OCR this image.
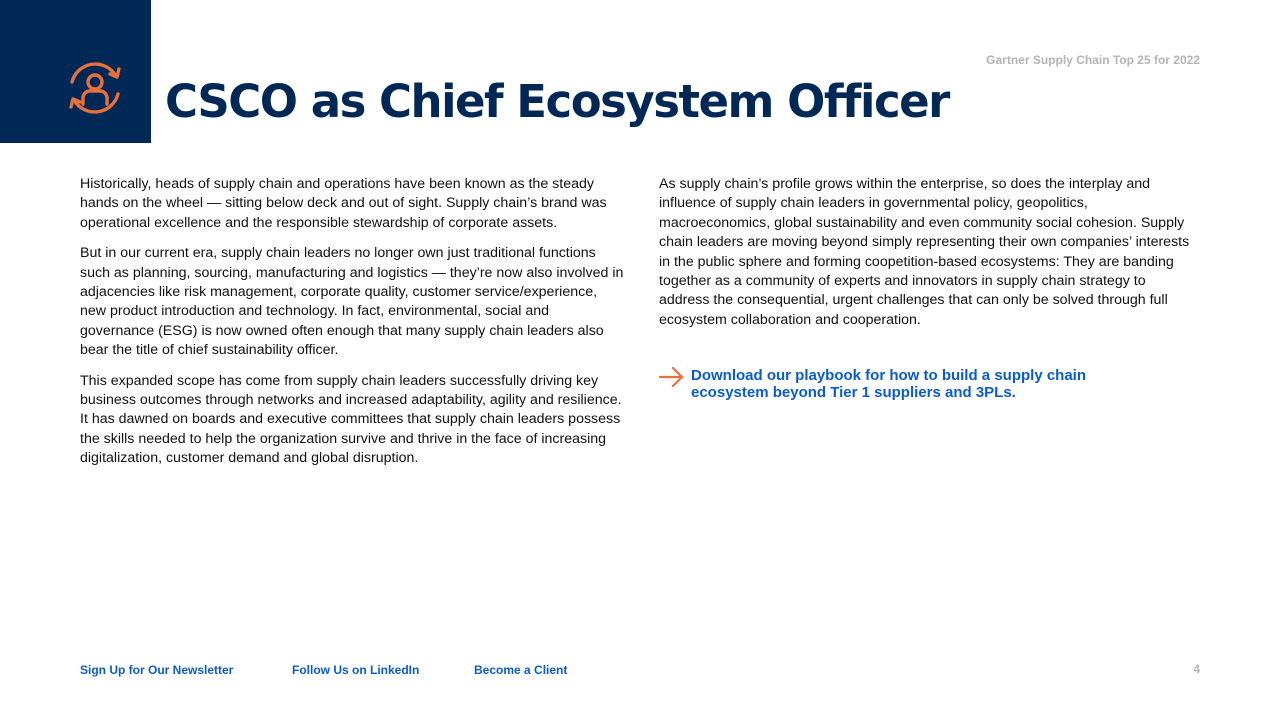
CSCO as Chief Ecosystem Officer
Gartner Supply Chain Top 25 for 2022

Historically, heads of supply chain and operations have been known as the steady hands on the wheel — sitting below deck and out of sight. Supply chain’s brand was operational excellence and the responsible stewardship of corporate assets.

But in our current era, supply chain leaders no longer own just traditional functions such as planning, sourcing, manufacturing and logistics — they’re now also involved in adjacencies like risk management, corporate quality, customer service/experience, new product introduction and technology. In fact, environmental, social and governance (ESG) is now owned often enough that many supply chain leaders also bear the title of chief sustainability officer.

This expanded scope has come from supply chain leaders successfully driving key business outcomes through networks and increased adaptability, agility and resilience. It has dawned on boards and executive committees that supply chain leaders possess the skills needed to help the organization survive and thrive in the face of increasing digitalization, customer demand and global disruption.

As supply chain’s profile grows within the enterprise, so does the interplay and influence of supply chain leaders in governmental policy, geopolitics, macroeconomics, global sustainability and even community social cohesion. Supply chain leaders are moving beyond simply representing their own companies’ interests in the public sphere and forming coopetition-based ecosystems: They are banding together as a community of experts and innovators in supply chain strategy to address the consequential, urgent challenges that can only be solved through full ecosystem collaboration and cooperation.

Download our playbook for how to build a supply chain ecosystem beyond Tier 1 suppliers and 3PLs.
Sign Up for Our Newsletter	Follow Us on LinkedIn	Become a Client	4
